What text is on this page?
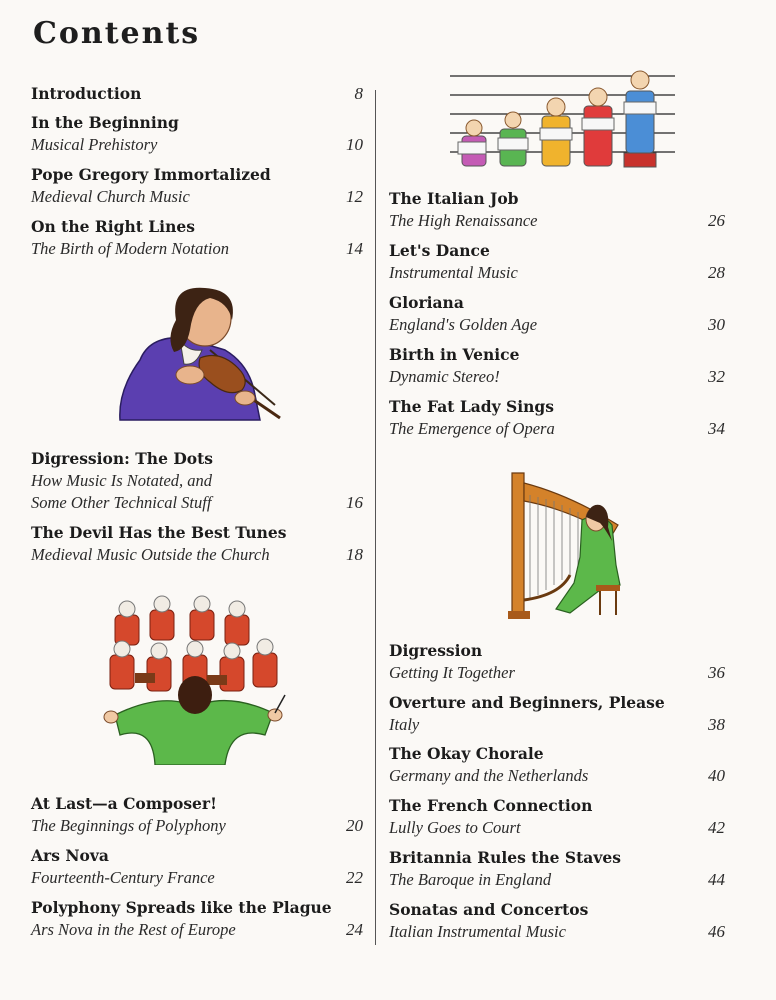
Contents
Introduction	8
In the Beginning
Musical Prehistory	10
Pope Gregory Immortalized
Medieval Church Music	12
On the Right Lines
The Birth of Modern Notation	14
Digression: The Dots
How Music Is Notated, and
Some Other Technical Stuff	16
The Devil Has the Best Tunes
Medieval Music Outside the Church	18
At Last—a Composer!
The Beginnings of Polyphony	20
Ars Nova
Fourteenth-Century France	22
Polyphony Spreads like the Plague
Ars Nova in the Rest of Europe	24
The Italian Job
The High Renaissance	26
Let's Dance
Instrumental Music	28
Gloriana
England's Golden Age	30
Birth in Venice
Dynamic Stereo!	32
The Fat Lady Sings
The Emergence of Opera	34
Digression
Getting It Together	36
Overture and Beginners, Please
Italy	38
The Okay Chorale
Germany and the Netherlands	40
The French Connection
Lully Goes to Court	42
Britannia Rules the Staves
The Baroque in England	44
Sonatas and Concertos
Italian Instrumental Music	46
